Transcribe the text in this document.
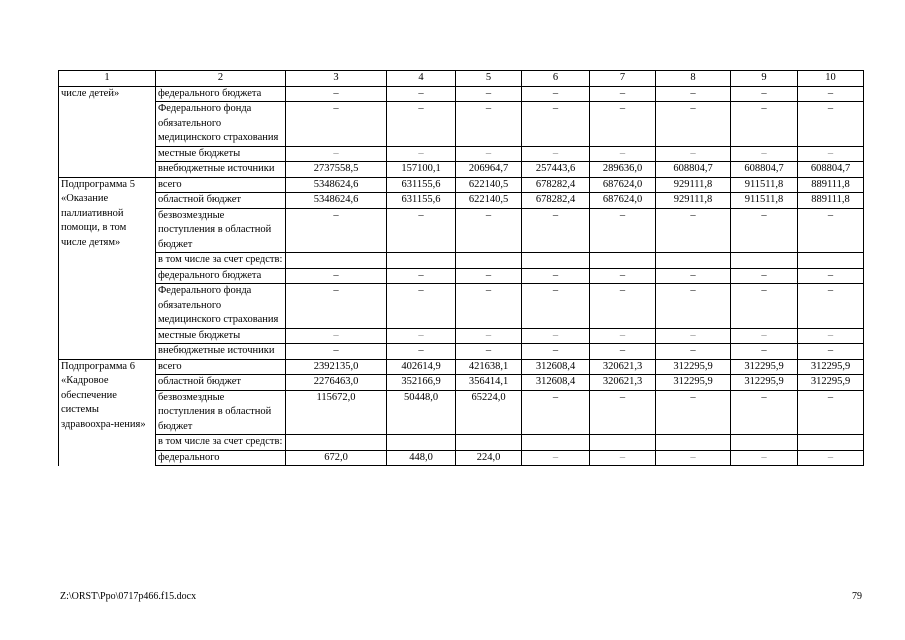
1	2	3	4	5	6	7	8	9	10
числе детей»	федерального бюджета	–	–	–	–	–	–	–	–
	Федерального фонда обязательного медицинского страхования	–	–	–	–	–	–	–	–
	местные бюджеты	–	–	–	–	–	–	–	–
	внебюджетные источники	2737558,5	157100,1	206964,7	257443,6	289636,0	608804,7	608804,7	608804,7
Подпрограмма 5 «Оказание паллиативной помощи, в том числе детям»	всего	5348624,6	631155,6	622140,5	678282,4	687624,0	929111,8	911511,8	889111,8
	областной бюджет	5348624,6	631155,6	622140,5	678282,4	687624,0	929111,8	911511,8	889111,8
	безвозмездные поступления в областной бюджет	–	–	–	–	–	–	–	–
	в том числе за счет средств:								
	федерального бюджета	–	–	–	–	–	–	–	–
	Федерального фонда обязательного медицинского страхования	–	–	–	–	–	–	–	–
	местные бюджеты	–	–	–	–	–	–	–	–
	внебюджетные источники	–	–	–	–	–	–	–	–
Подпрограмма 6 «Кадровое обеспечение системы здравоохра-нения»	всего	2392135,0	402614,9	421638,1	312608,4	320621,3	312295,9	312295,9	312295,9
	областной бюджет	2276463,0	352166,9	356414,1	312608,4	320621,3	312295,9	312295,9	312295,9
	безвозмездные поступления в областной бюджет	115672,0	50448,0	65224,0	–	–	–	–	–
	в том числе за счет средств:								
	федерального	672,0	448,0	224,0	–	–	–	–	–
Z:\ORST\Ppo\0717p466.f15.docx	79
